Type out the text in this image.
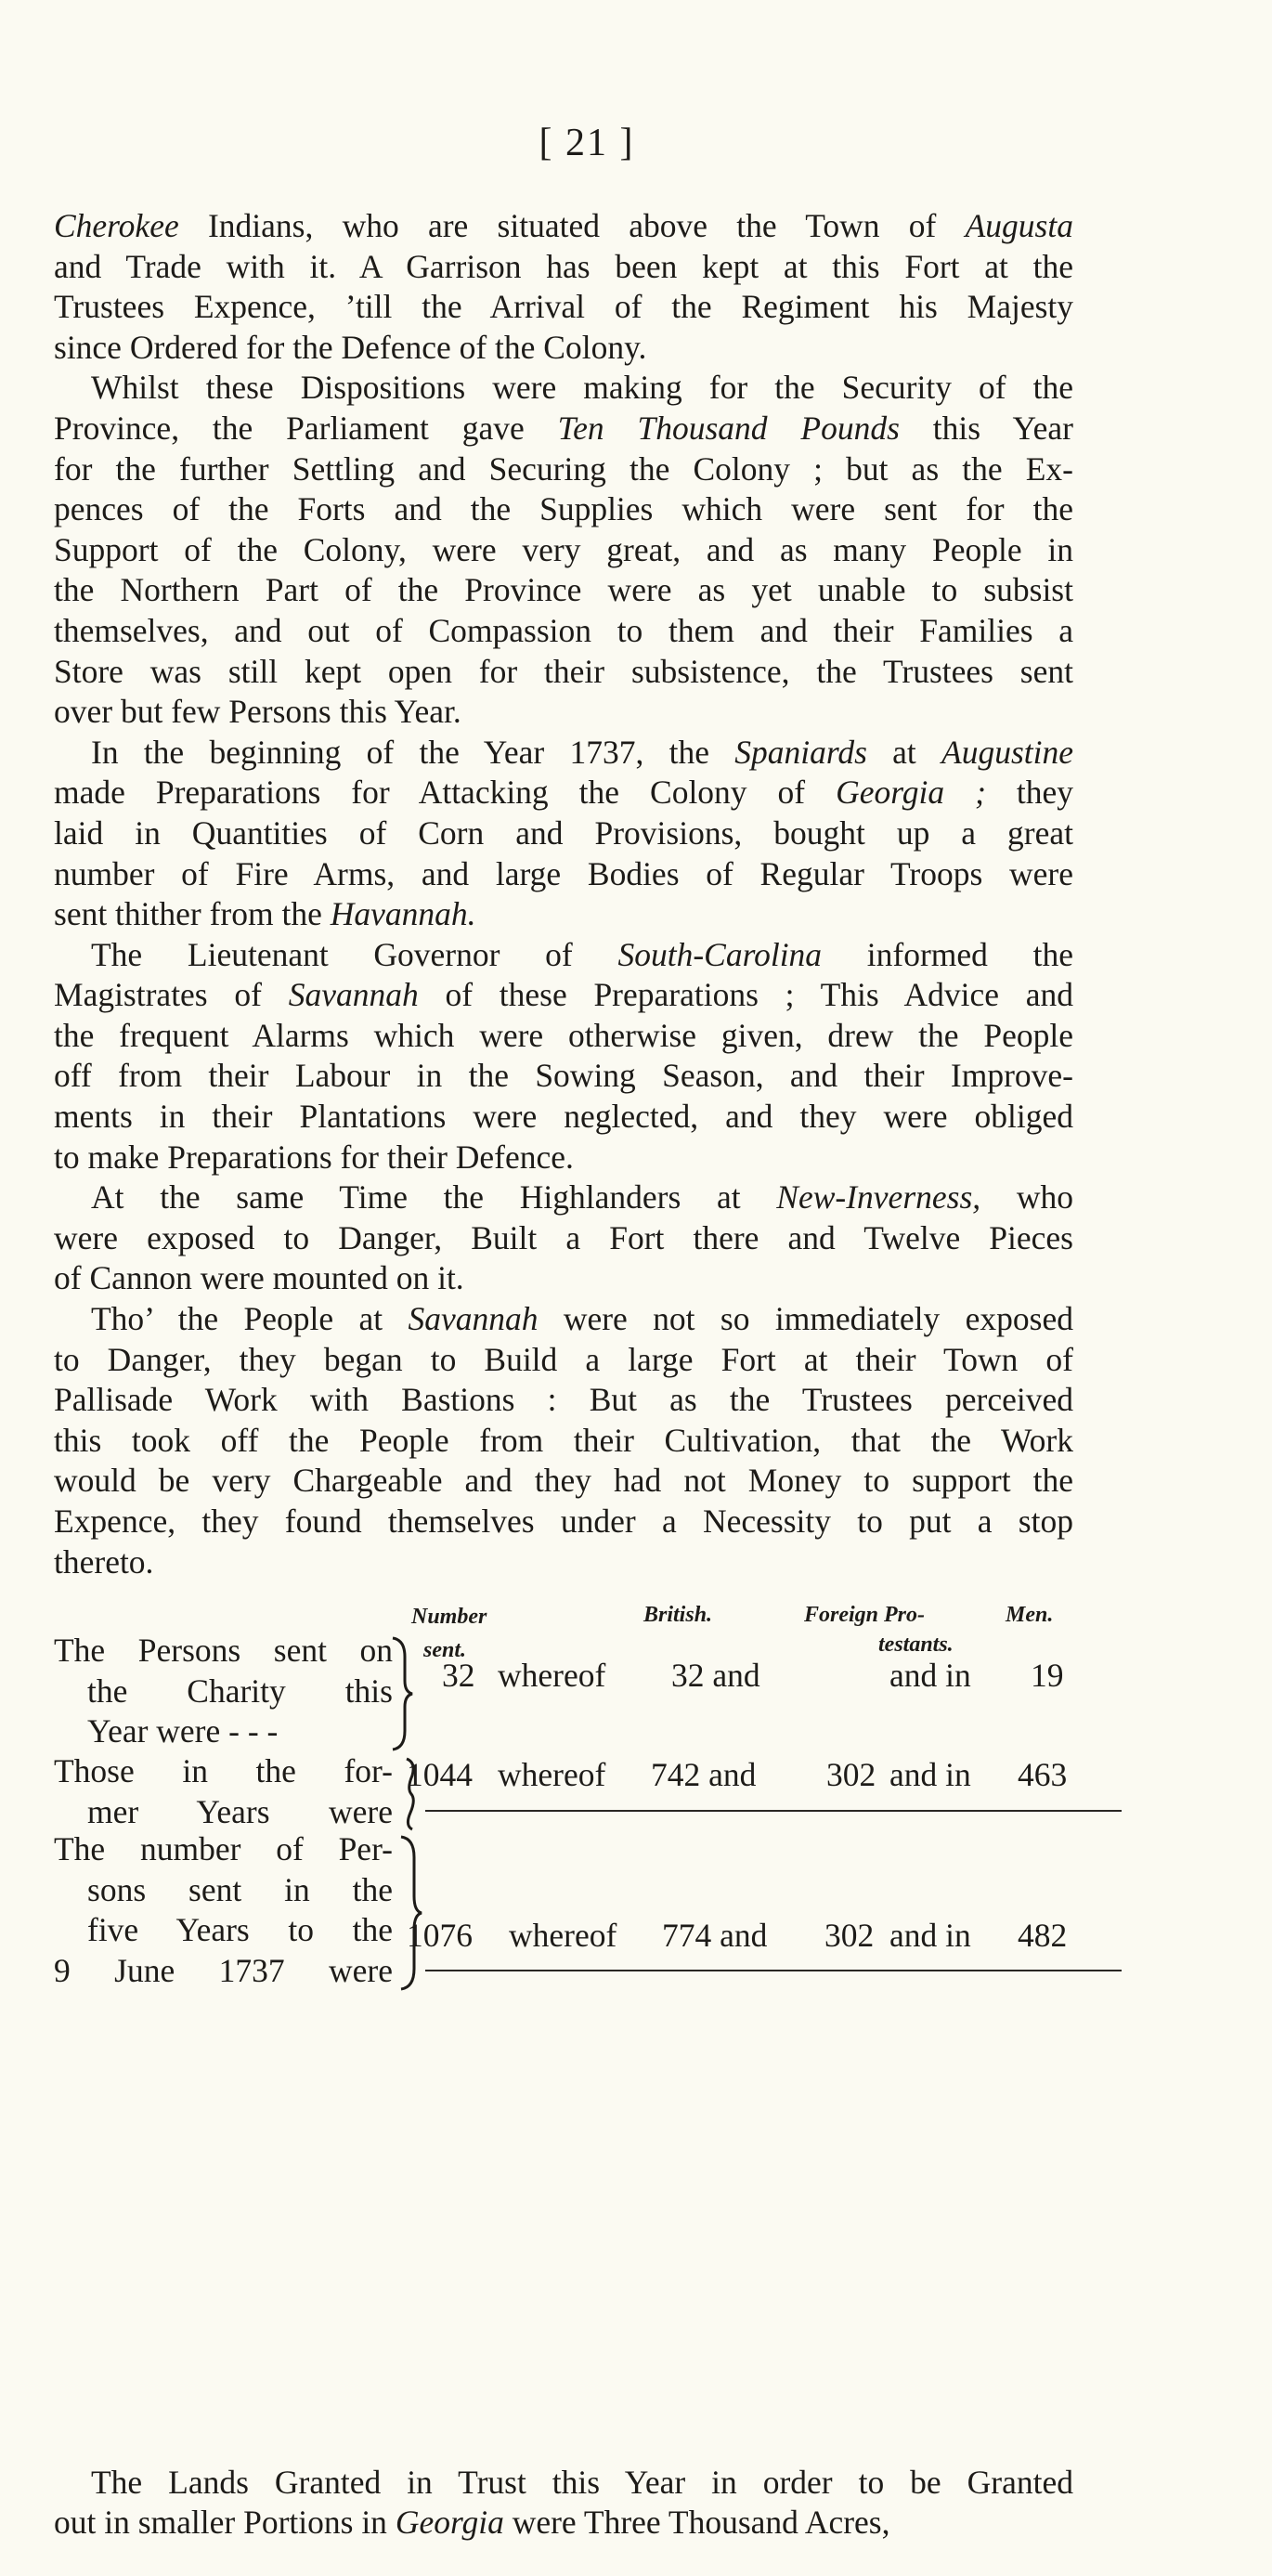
[ 21 ]

Cherokee Indians, who are situated above the Town of Augusta
and Trade with it. A Garrison has been kept at this Fort at the
Trustees Expence, ’till the Arrival of the Regiment his Majesty
since Ordered for the Defence of the Colony.

Whilst these Dispositions were making for the Security of the
Province, the Parliament gave Ten Thousand Pounds this Year
for the further Settling and Securing the Colony ; but as the Ex-
pences of the Forts and the Supplies which were sent for the
Support of the Colony, were very great, and as many People in
the Northern Part of the Province were as yet unable to subsist
themselves, and out of Compassion to them and their Families a
Store was still kept open for their subsistence, the Trustees sent
over but few Persons this Year.

In the beginning of the Year 1737, the Spaniards at Augustine
made Preparations for Attacking the Colony of Georgia ; they
laid in Quantities of Corn and Provisions, bought up a great
number of Fire Arms, and large Bodies of Regular Troops were
sent thither from the Havannah.

The Lieutenant Governor of South-Carolina informed the
Magistrates of Savannah of these Preparations ; This Advice and
the frequent Alarms which were otherwise given, drew the People
off from their Labour in the Sowing Season, and their Improve-
ments in their Plantations were neglected, and they were obliged
to make Preparations for their Defence.

At the same Time the Highlanders at New-Inverness, who
were exposed to Danger, Built a Fort there and Twelve Pieces
of Cannon were mounted on it.

Tho’ the People at Savannah were not so immediately exposed
to Danger, they began to Build a large Fort at their Town of
Pallisade Work with Bastions : But as the Trustees perceived
this took off the People from their Cultivation, that the Work
would be very Chargeable and they had not Money to support the
Expence, they found themselves under a Necessity to put a stop
thereto.

Number
sent.
British.	Foreign Pro-
testants.
Men.
The Persons sent on
the Charity this
Year were - - -
32 whereof 32 and	and in 19
Those in the for-
mer Years were
1044 whereof 742 and 302 and in 463
The number of Per-
sons sent in the
five Years to the
9 June 1737 were
1076 whereof 774 and 302 and in 482

The Lands Granted in Trust this Year in order to be Granted
out in smaller Portions in Georgia were Three Thousand Acres,
